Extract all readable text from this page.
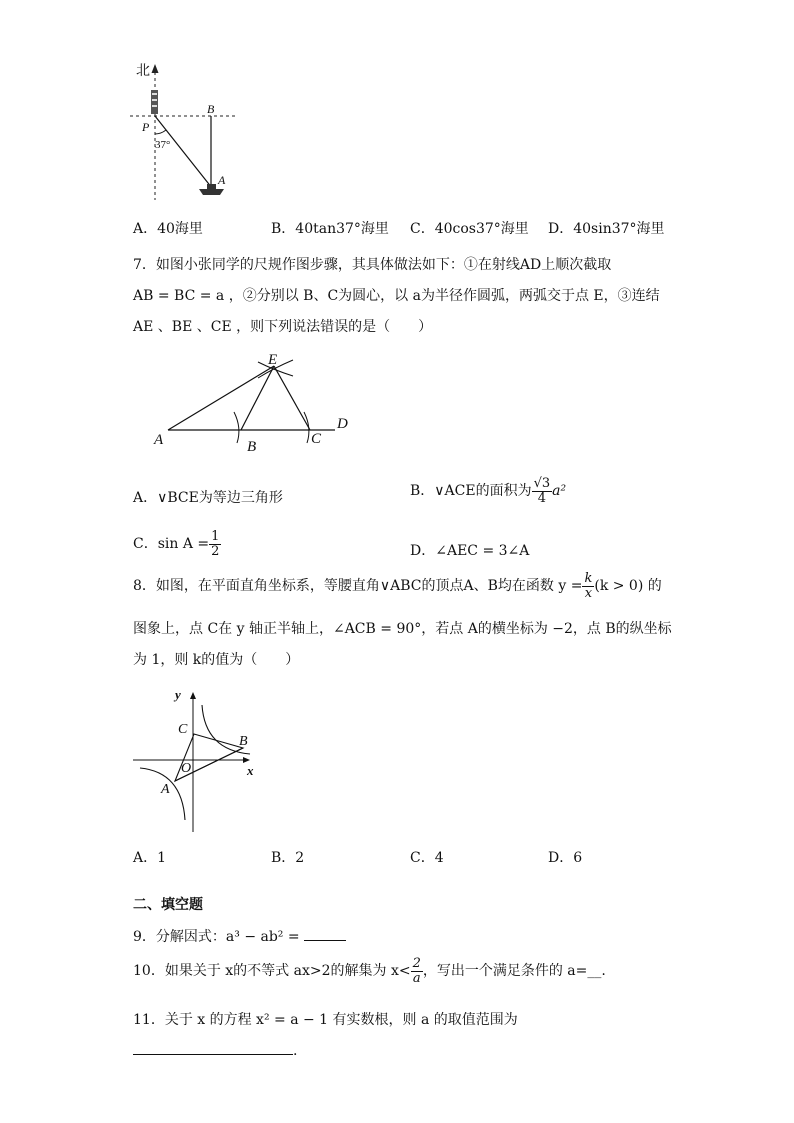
北
P
B
A
37°
A．40海里	B．40tan37°海里 C．40cos37°海里 D．40sin37°海里
7．如图小张同学的尺规作图步骤，其具体做法如下：①在射线AD上顺次截取
AB = BC = a ，②分别以 B、C为圆心，以 a为半径作圆弧，两弧交于点 E，③连结
AE 、BE 、CE ，则下列说法错误的是（　　）
E
A	B	C
D
A．∨BCE为等边三角形	B．∨ACE的面积为 $\frac{√3}{4} a^2$
C．$\sin A = \frac{1}{2}$	D．∠AEC = 3∠A
8．如图，在平面直角坐标系，等腰直角∨ABC的顶点A、B均在函数 $y = \frac{k}{x} (k > 0)$ 的
图象上，点 C在 y 轴正半轴上，∠ACB = 90°，若点 A的横坐标为 −2，点 B的纵坐标
为 1，则 k的值为（　　）
y
x
C
B
O
A
A．1	B．2	C．4	D．6
二、填空题
9．分解因式：a³ − ab² =
10．如果关于 x的不等式 ax>2的解集为 $x< \frac{2}{a}$ ，写出一个满足条件的 a=__.
11．关于 x 的方程 x² = a − 1 有实数根，则 a 的取值范围为
.
